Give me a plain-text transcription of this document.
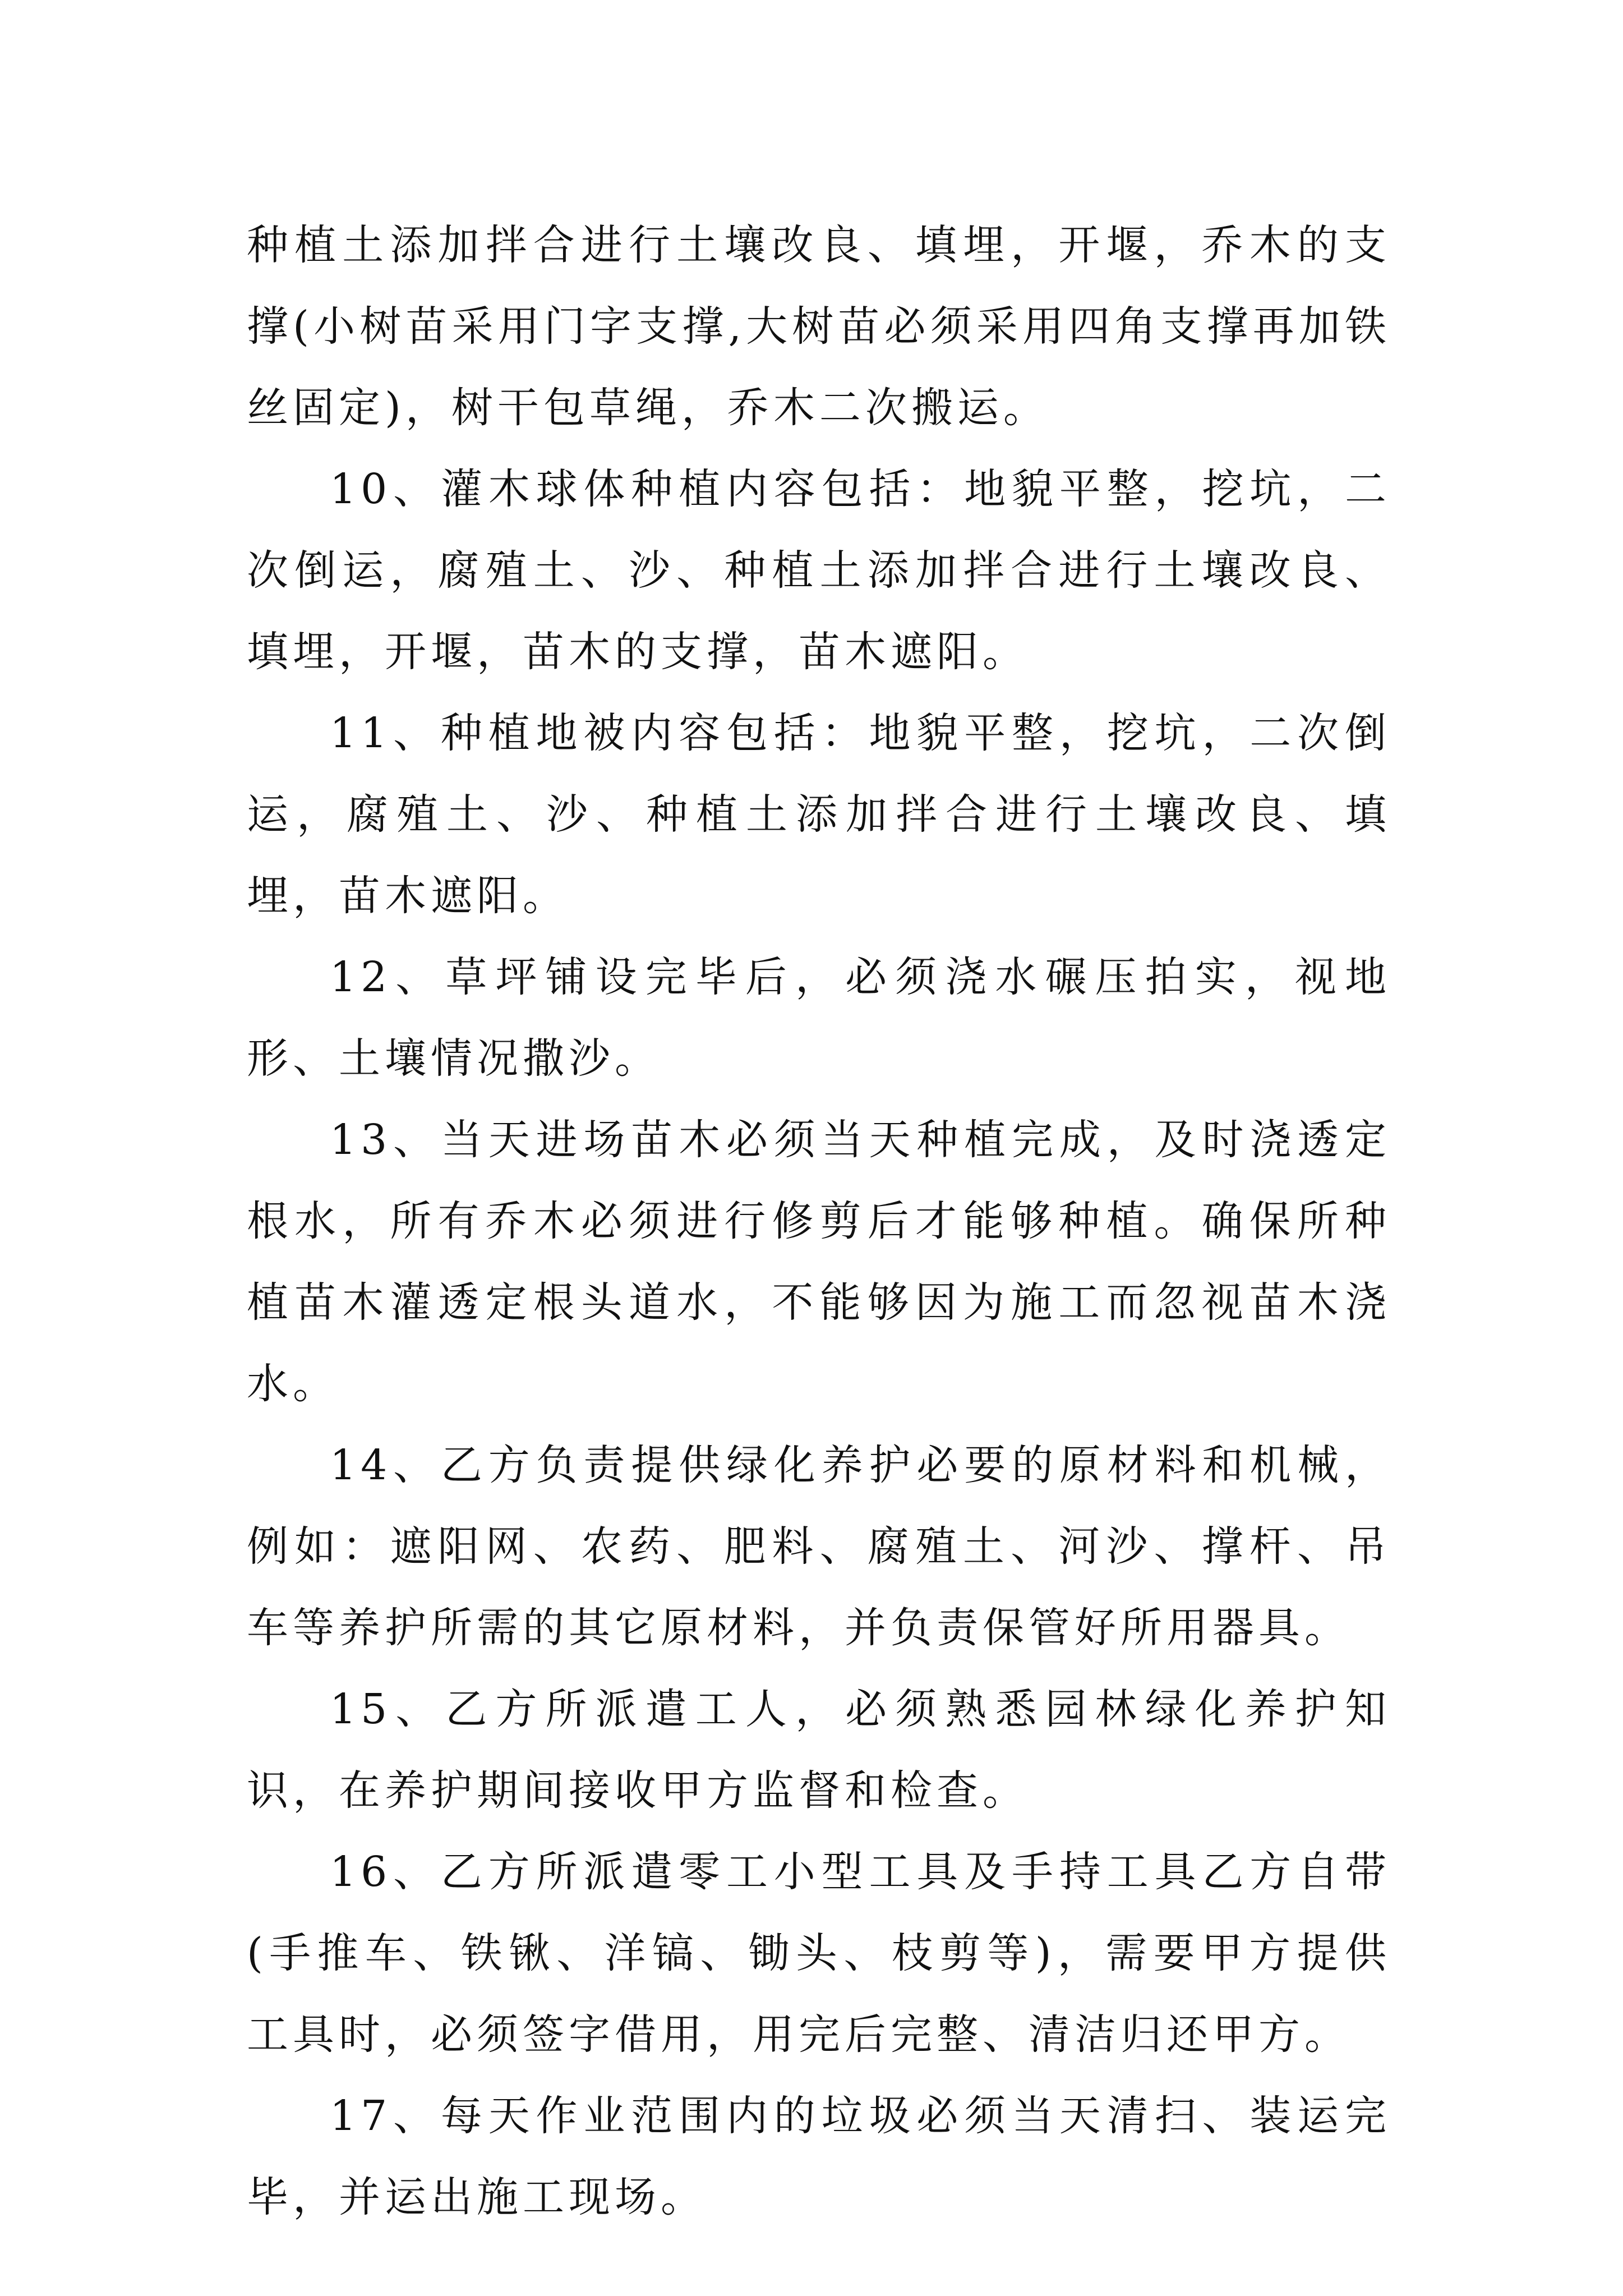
种植土添加拌合进行土壤改良、填埋，开堰，乔木的支撑(小树苗采用门字支撑,大树苗必须采用四角支撑再加铁丝固定)，树干包草绳，乔木二次搬运。

10、灌木球体种植内容包括：地貌平整，挖坑，二次倒运，腐殖土、沙、种植土添加拌合进行土壤改良、填埋，开堰，苗木的支撑，苗木遮阳。

11、种植地被内容包括：地貌平整，挖坑，二次倒运，腐殖土、沙、种植土添加拌合进行土壤改良、填埋，苗木遮阳。

12、草坪铺设完毕后，必须浇水碾压拍实，视地形、土壤情况撒沙。

13、当天进场苗木必须当天种植完成，及时浇透定根水，所有乔木必须进行修剪后才能够种植。确保所种植苗木灌透定根头道水，不能够因为施工而忽视苗木浇水。

14、乙方负责提供绿化养护必要的原材料和机械，例如：遮阳网、农药、肥料、腐殖土、河沙、撑杆、吊车等养护所需的其它原材料，并负责保管好所用器具。

15、乙方所派遣工人，必须熟悉园林绿化养护知识，在养护期间接收甲方监督和检查。

16、乙方所派遣零工小型工具及手持工具乙方自带(手推车、铁锹、洋镐、锄头、枝剪等)，需要甲方提供工具时，必须签字借用，用完后完整、清洁归还甲方。

17、每天作业范围内的垃圾必须当天清扫、装运完毕，并运出施工现场。
